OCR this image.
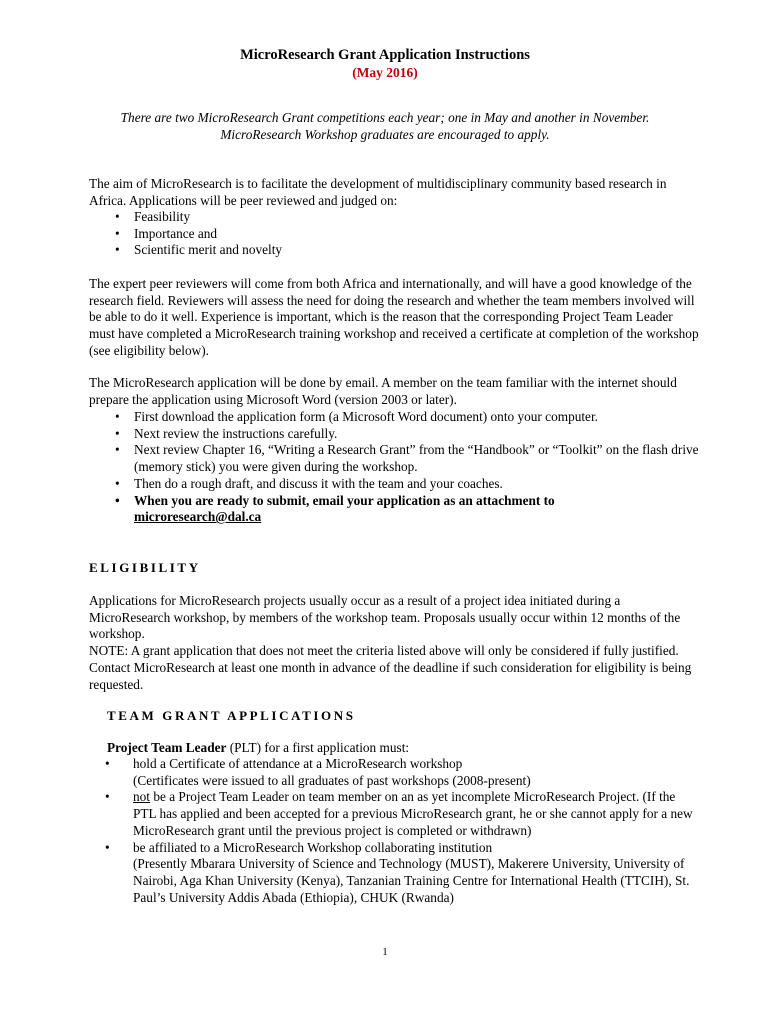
MicroResearch Grant Application Instructions
(May 2016)
There are two MicroResearch Grant competitions each year; one in May and another in November.
MicroResearch Workshop graduates are encouraged to apply.
The aim of MicroResearch is to facilitate the development of multidisciplinary community based research in Africa. Applications will be peer reviewed and judged on:
• Feasibility
• Importance and
• Scientific merit and novelty
The expert peer reviewers will come from both Africa and internationally, and will have a good knowledge of the research field. Reviewers will assess the need for doing the research and whether the team members involved will be able to do it well. Experience is important, which is the reason that the corresponding Project Team Leader must have completed a MicroResearch training workshop and received a certificate at completion of the workshop (see eligibility below).
The MicroResearch application will be done by email. A member on the team familiar with the internet should prepare the application using Microsoft Word (version 2003 or later).
• First download the application form (a Microsoft Word document) onto your computer.
• Next review the instructions carefully.
• Next review Chapter 16, “Writing a Research Grant” from the “Handbook” or “Toolkit” on the flash drive (memory stick) you were given during the workshop.
• Then do a rough draft, and discuss it with the team and your coaches.
• When you are ready to submit, email your application as an attachment to
microresearch@dal.ca
ELIGIBILITY
Applications for MicroResearch projects usually occur as a result of a project idea initiated during a MicroResearch workshop, by members of the workshop team. Proposals usually occur within 12 months of the workshop.
NOTE: A grant application that does not meet the criteria listed above will only be considered if fully justified. Contact MicroResearch at least one month in advance of the deadline if such consideration for eligibility is being requested.
TEAM GRANT APPLICATIONS
Project Team Leader (PLT) for a first application must:
• hold a Certificate of attendance at a MicroResearch workshop
(Certificates were issued to all graduates of past workshops (2008-present)
• not be a Project Team Leader on team member on an as yet incomplete MicroResearch Project. (If the PTL has applied and been accepted for a previous MicroResearch grant, he or she cannot apply for a new MicroResearch grant until the previous project is completed or withdrawn)
• be affiliated to a MicroResearch Workshop collaborating institution
(Presently Mbarara University of Science and Technology (MUST), Makerere University, University of Nairobi, Aga Khan University (Kenya), Tanzanian Training Centre for International Health (TTCIH), St. Paul’s University Addis Abada (Ethiopia), CHUK (Rwanda)
1
